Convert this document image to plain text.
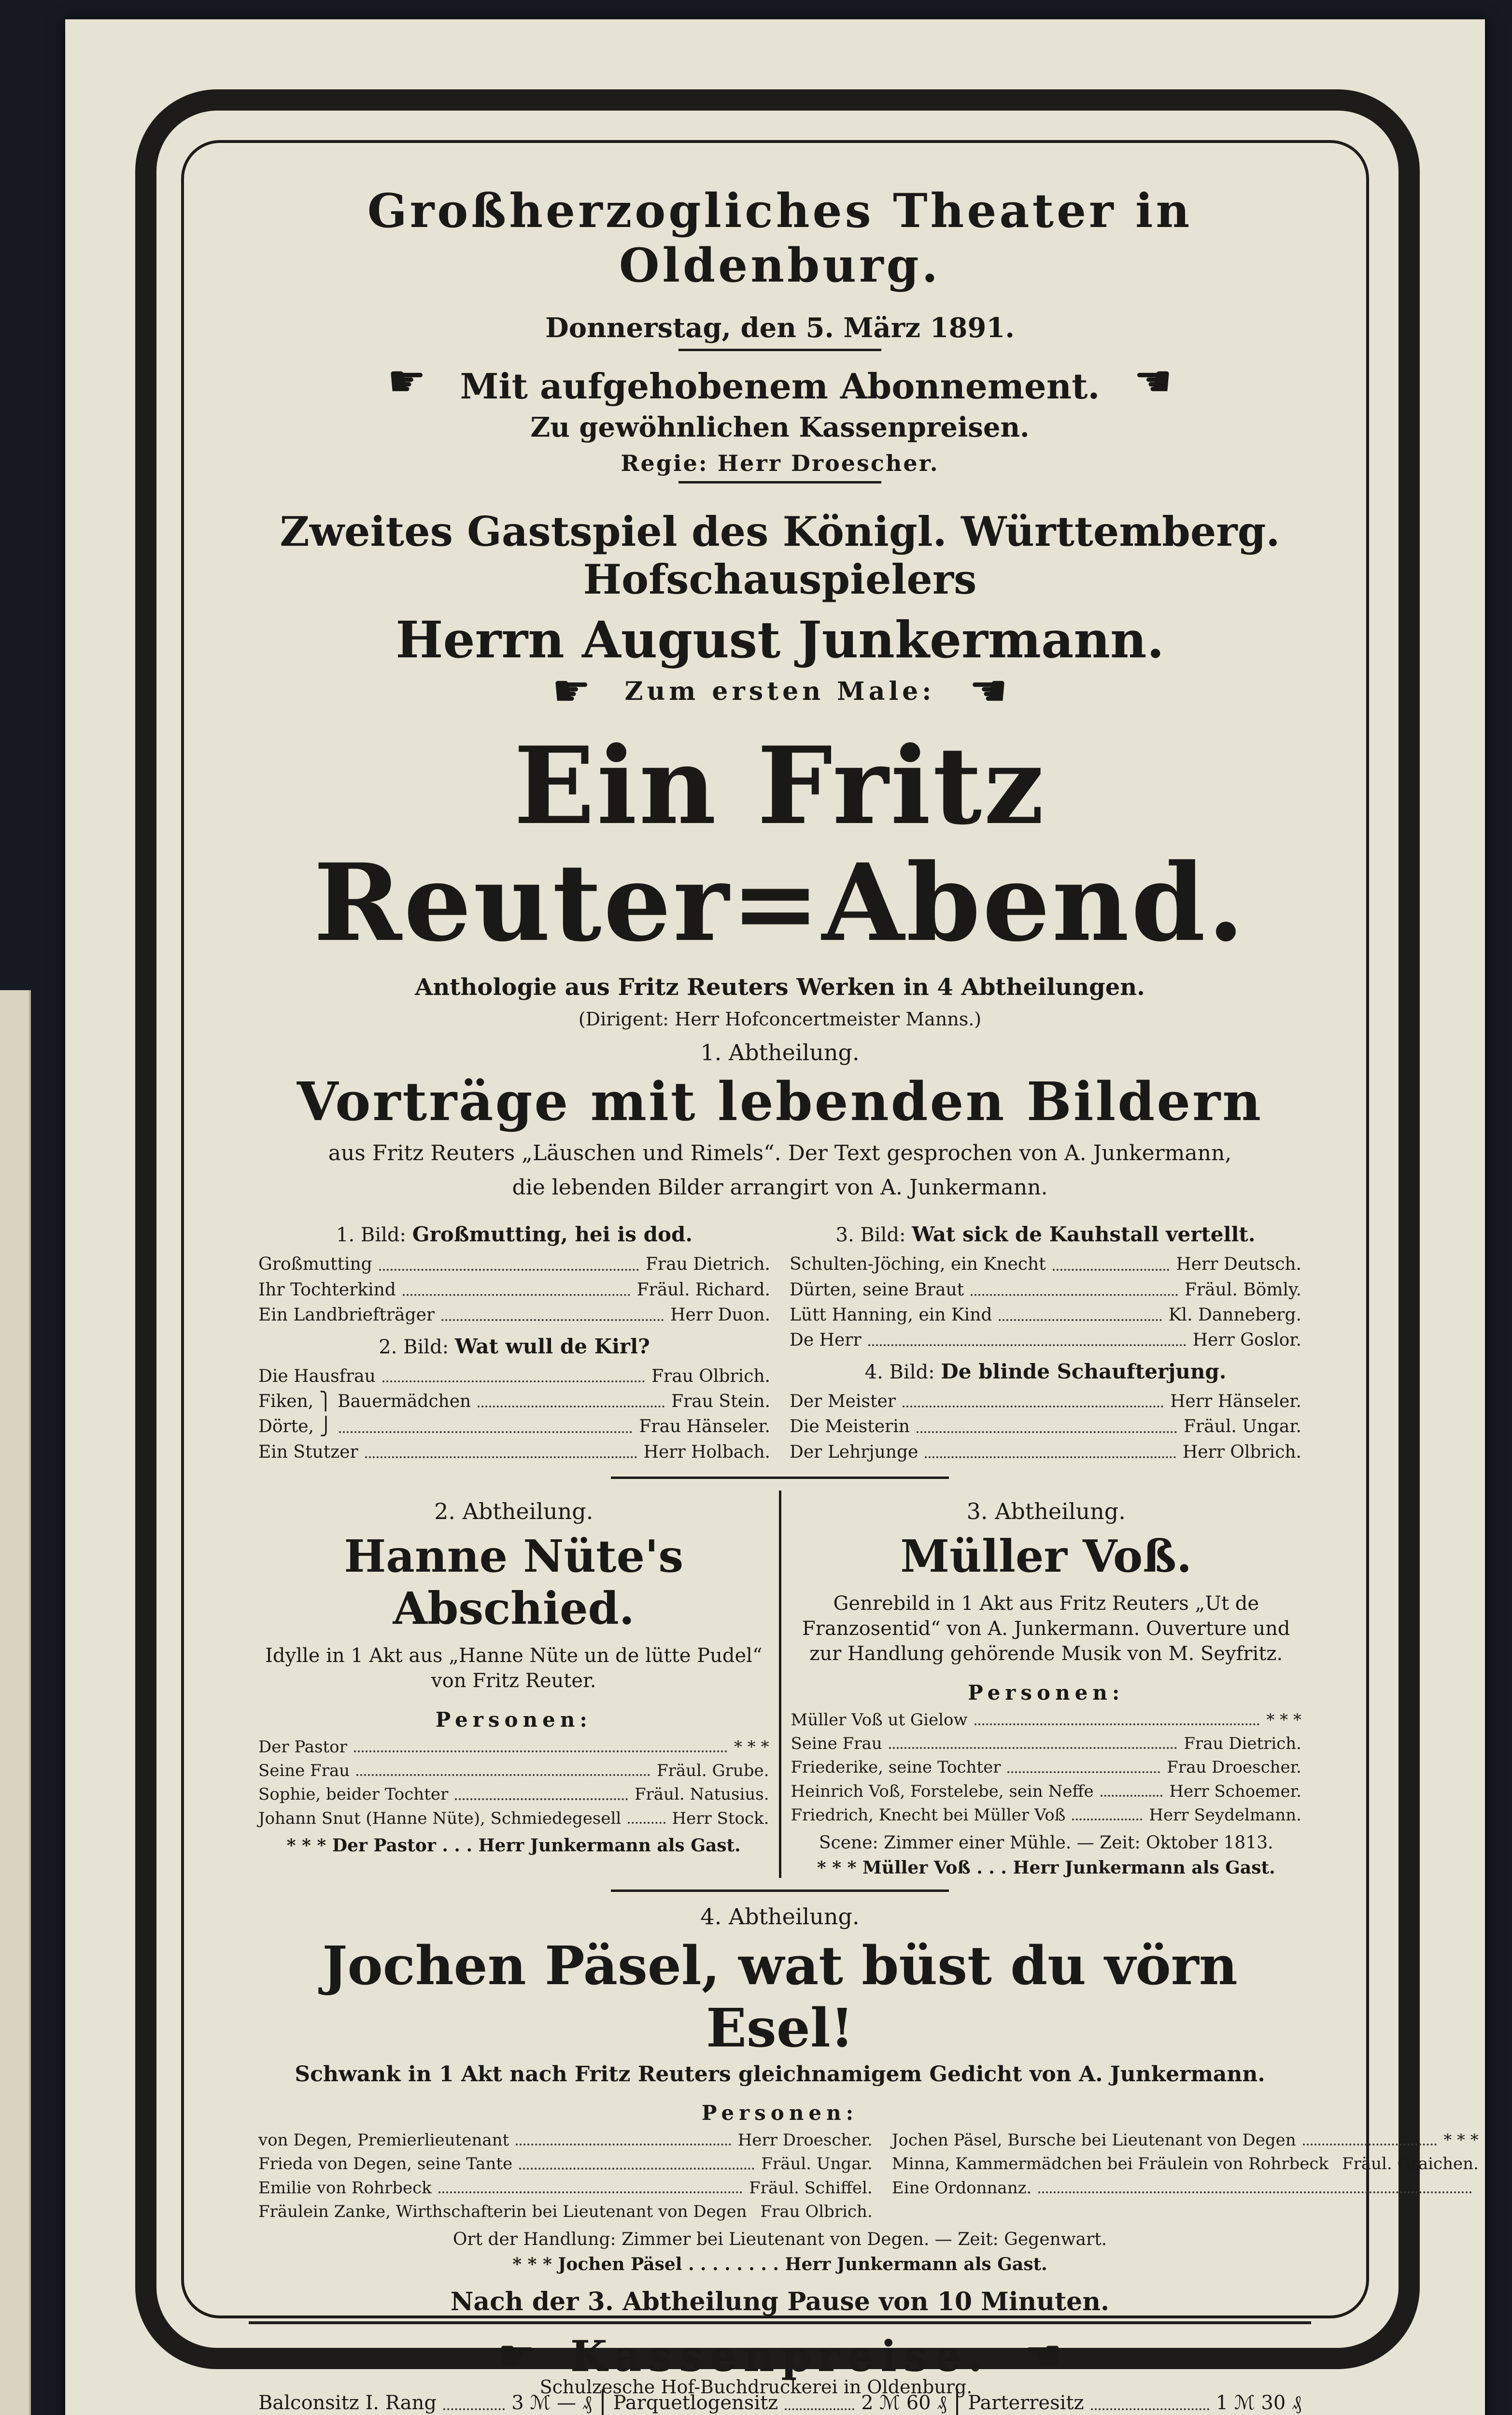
Großherzogliches Theater in Oldenburg.
Donnerstag, den 5. März 1891.
☛ Mit aufgehobenem Abonnement. ☚
Zu gewöhnlichen Kassenpreisen.
Regie: Herr Droescher.
Zweites Gastspiel des Königl. Württemberg. Hofschauspielers
Herrn August Junkermann.
☛ Zum ersten Male: ☚
Ein Fritz Reuter=Abend.
Anthologie aus Fritz Reuters Werken in 4 Abtheilungen.
(Dirigent: Herr Hofconcertmeister Manns.)
1. Abtheilung.
Vorträge mit lebenden Bildern
aus Fritz Reuters „Läuschen und Rimels“. Der Text gesprochen von A. Junkermann,
die lebenden Bilder arrangirt von A. Junkermann.
1. Bild: Großmutting, hei is dod.
Großmutting	Frau Dietrich.
Ihr Tochterkind	Fräul. Richard.
Ein Landbriefträger	Herr Duon.
2. Bild: Wat wull de Kirl?
Die Hausfrau	Frau Olbrich.
Fiken, ⎫ Bauermädchen	Frau Stein.
Dörte, ⎭	Frau Hänseler.
Ein Stutzer	Herr Holbach.
3. Bild: Wat sick de Kauhstall vertellt.
Schulten-Jöching, ein Knecht	Herr Deutsch.
Dürten, seine Braut	Fräul. Bömly.
Lütt Hanning, ein Kind	Kl. Danneberg.
De Herr	Herr Goslor.
4. Bild: De blinde Schaufterjung.
Der Meister	Herr Hänseler.
Die Meisterin	Fräul. Ungar.
Der Lehrjunge	Herr Olbrich.
2. Abtheilung.
Hanne Nüte's Abschied.
Idylle in 1 Akt aus „Hanne Nüte un de lütte Pudel“ von Fritz Reuter.
Personen:
Der Pastor	* * *
Seine Frau	Fräul. Grube.
Sophie, beider Tochter	Fräul. Natusius.
Johann Snut (Hanne Nüte), Schmiedegesell	Herr Stock.
* * * Der Pastor . . . Herr Junkermann als Gast.
3. Abtheilung.
Müller Voß.
Genrebild in 1 Akt aus Fritz Reuters „Ut de Franzosentid“ von A. Junkermann. Ouverture und zur Handlung gehörende Musik von M. Seyfritz.
Personen:
Müller Voß ut Gielow	* * *
Seine Frau	Frau Dietrich.
Friederike, seine Tochter	Frau Droescher.
Heinrich Voß, Forstelebe, sein Neffe	Herr Schoemer.
Friedrich, Knecht bei Müller Voß	Herr Seydelmann.
Scene: Zimmer einer Mühle. — Zeit: Oktober 1813.
* * * Müller Voß . . . Herr Junkermann als Gast.
4. Abtheilung.
Jochen Päsel, wat büst du vörn Esel!
Schwank in 1 Akt nach Fritz Reuters gleichnamigem Gedicht von A. Junkermann.
Personen:
von Degen, Premierlieutenant	Herr Droescher.
Frieda von Degen, seine Tante	Fräul. Ungar.
Emilie von Rohrbeck	Fräul. Schiffel.
Fräulein Zanke, Wirthschafterin bei Lieutenant von Degen Frau Olbrich.
Jochen Päsel, Bursche bei Lieutenant von Degen	* * *
Minna, Kammermädchen bei Fräulein von Rohrbeck Fräul. Graichen.
Eine Ordonnanz.
Ort der Handlung: Zimmer bei Lieutenant von Degen. — Zeit: Gegenwart.
* * * Jochen Päsel . . . . . . . . Herr Junkermann als Gast.
Nach der 3. Abtheilung Pause von 10 Minuten.
☛ Kassenpreise. ☚
Balconsitz I. Rang	3 ℳ — ₰ Parquetlogensitz	2 ℳ 60 ₰ Parterresitz	1 ℳ 30 ₰
Schulzesche Hof-Buchdruckerei in Oldenburg.
